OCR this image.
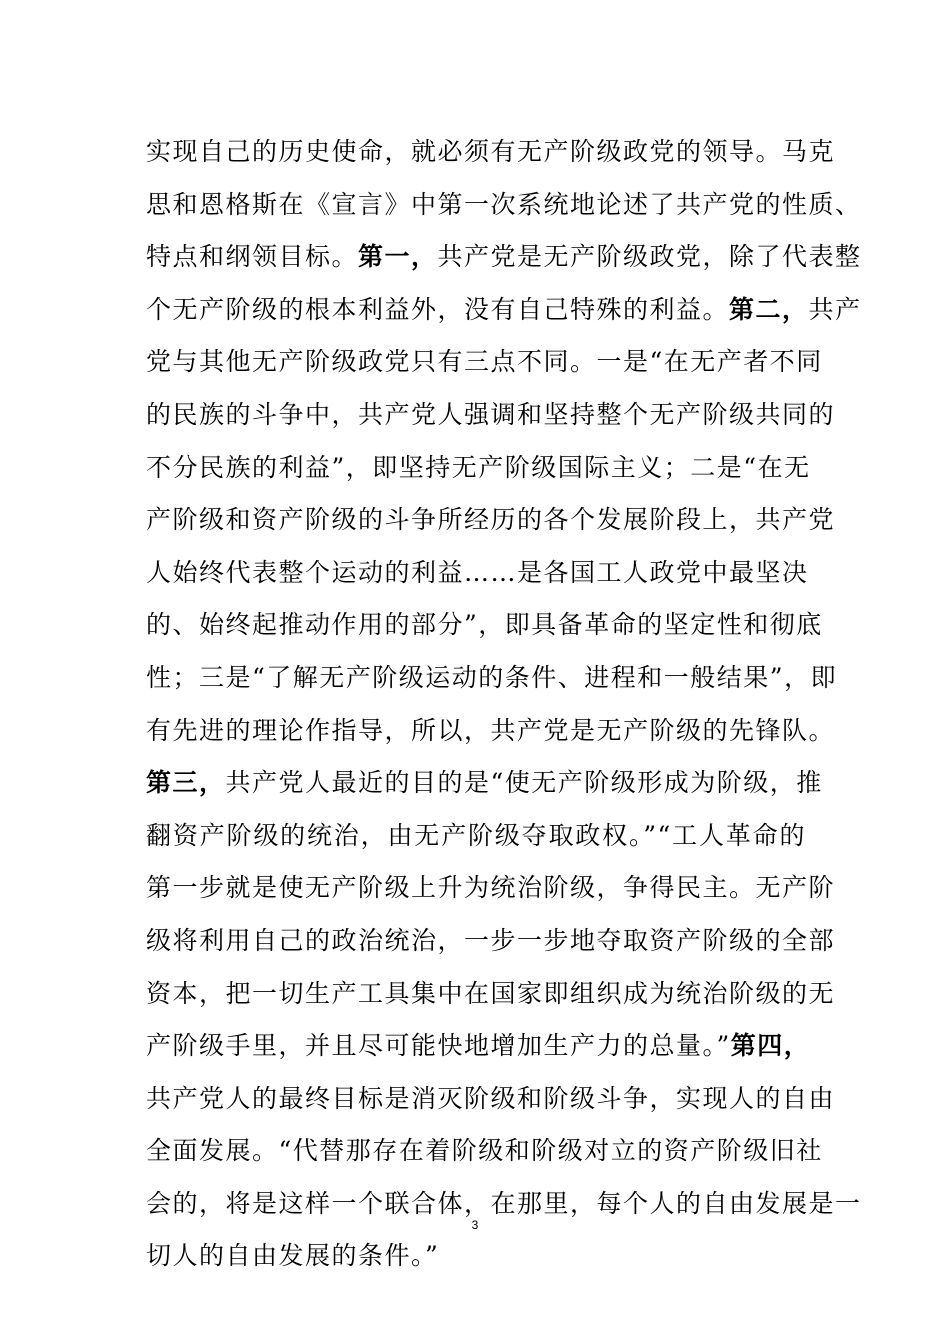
实现自己的历史使命，就必须有无产阶级政党的领导。马克
思和恩格斯在《宣言》中第一次系统地论述了共产党的性质、
特点和纲领目标。第一，共产党是无产阶级政党，除了代表整
个无产阶级的根本利益外，没有自己特殊的利益。第二，共产
党与其他无产阶级政党只有三点不同。一是“在无产者不同
的民族的斗争中，共产党人强调和坚持整个无产阶级共同的
不分民族的利益”，即坚持无产阶级国际主义；二是“在无
产阶级和资产阶级的斗争所经历的各个发展阶段上，共产党
人始终代表整个运动的利益……是各国工人政党中最坚决
的、始终起推动作用的部分”，即具备革命的坚定性和彻底
性；三是“了解无产阶级运动的条件、进程和一般结果”，即
有先进的理论作指导，所以，共产党是无产阶级的先锋队。
第三，共产党人最近的目的是“使无产阶级形成为阶级，推
翻资产阶级的统治，由无产阶级夺取政权。”“工人革命的
第一步就是使无产阶级上升为统治阶级，争得民主。无产阶
级将利用自己的政治统治，一步一步地夺取资产阶级的全部
资本，把一切生产工具集中在国家即组织成为统治阶级的无
产阶级手里，并且尽可能快地增加生产力的总量。”第四，
共产党人的最终目标是消灭阶级和阶级斗争，实现人的自由
全面发展。“代替那存在着阶级和阶级对立的资产阶级旧社
会的，将是这样一个联合体，在那里，每个人的自由发展是一
切人的自由发展的条件。”
3
